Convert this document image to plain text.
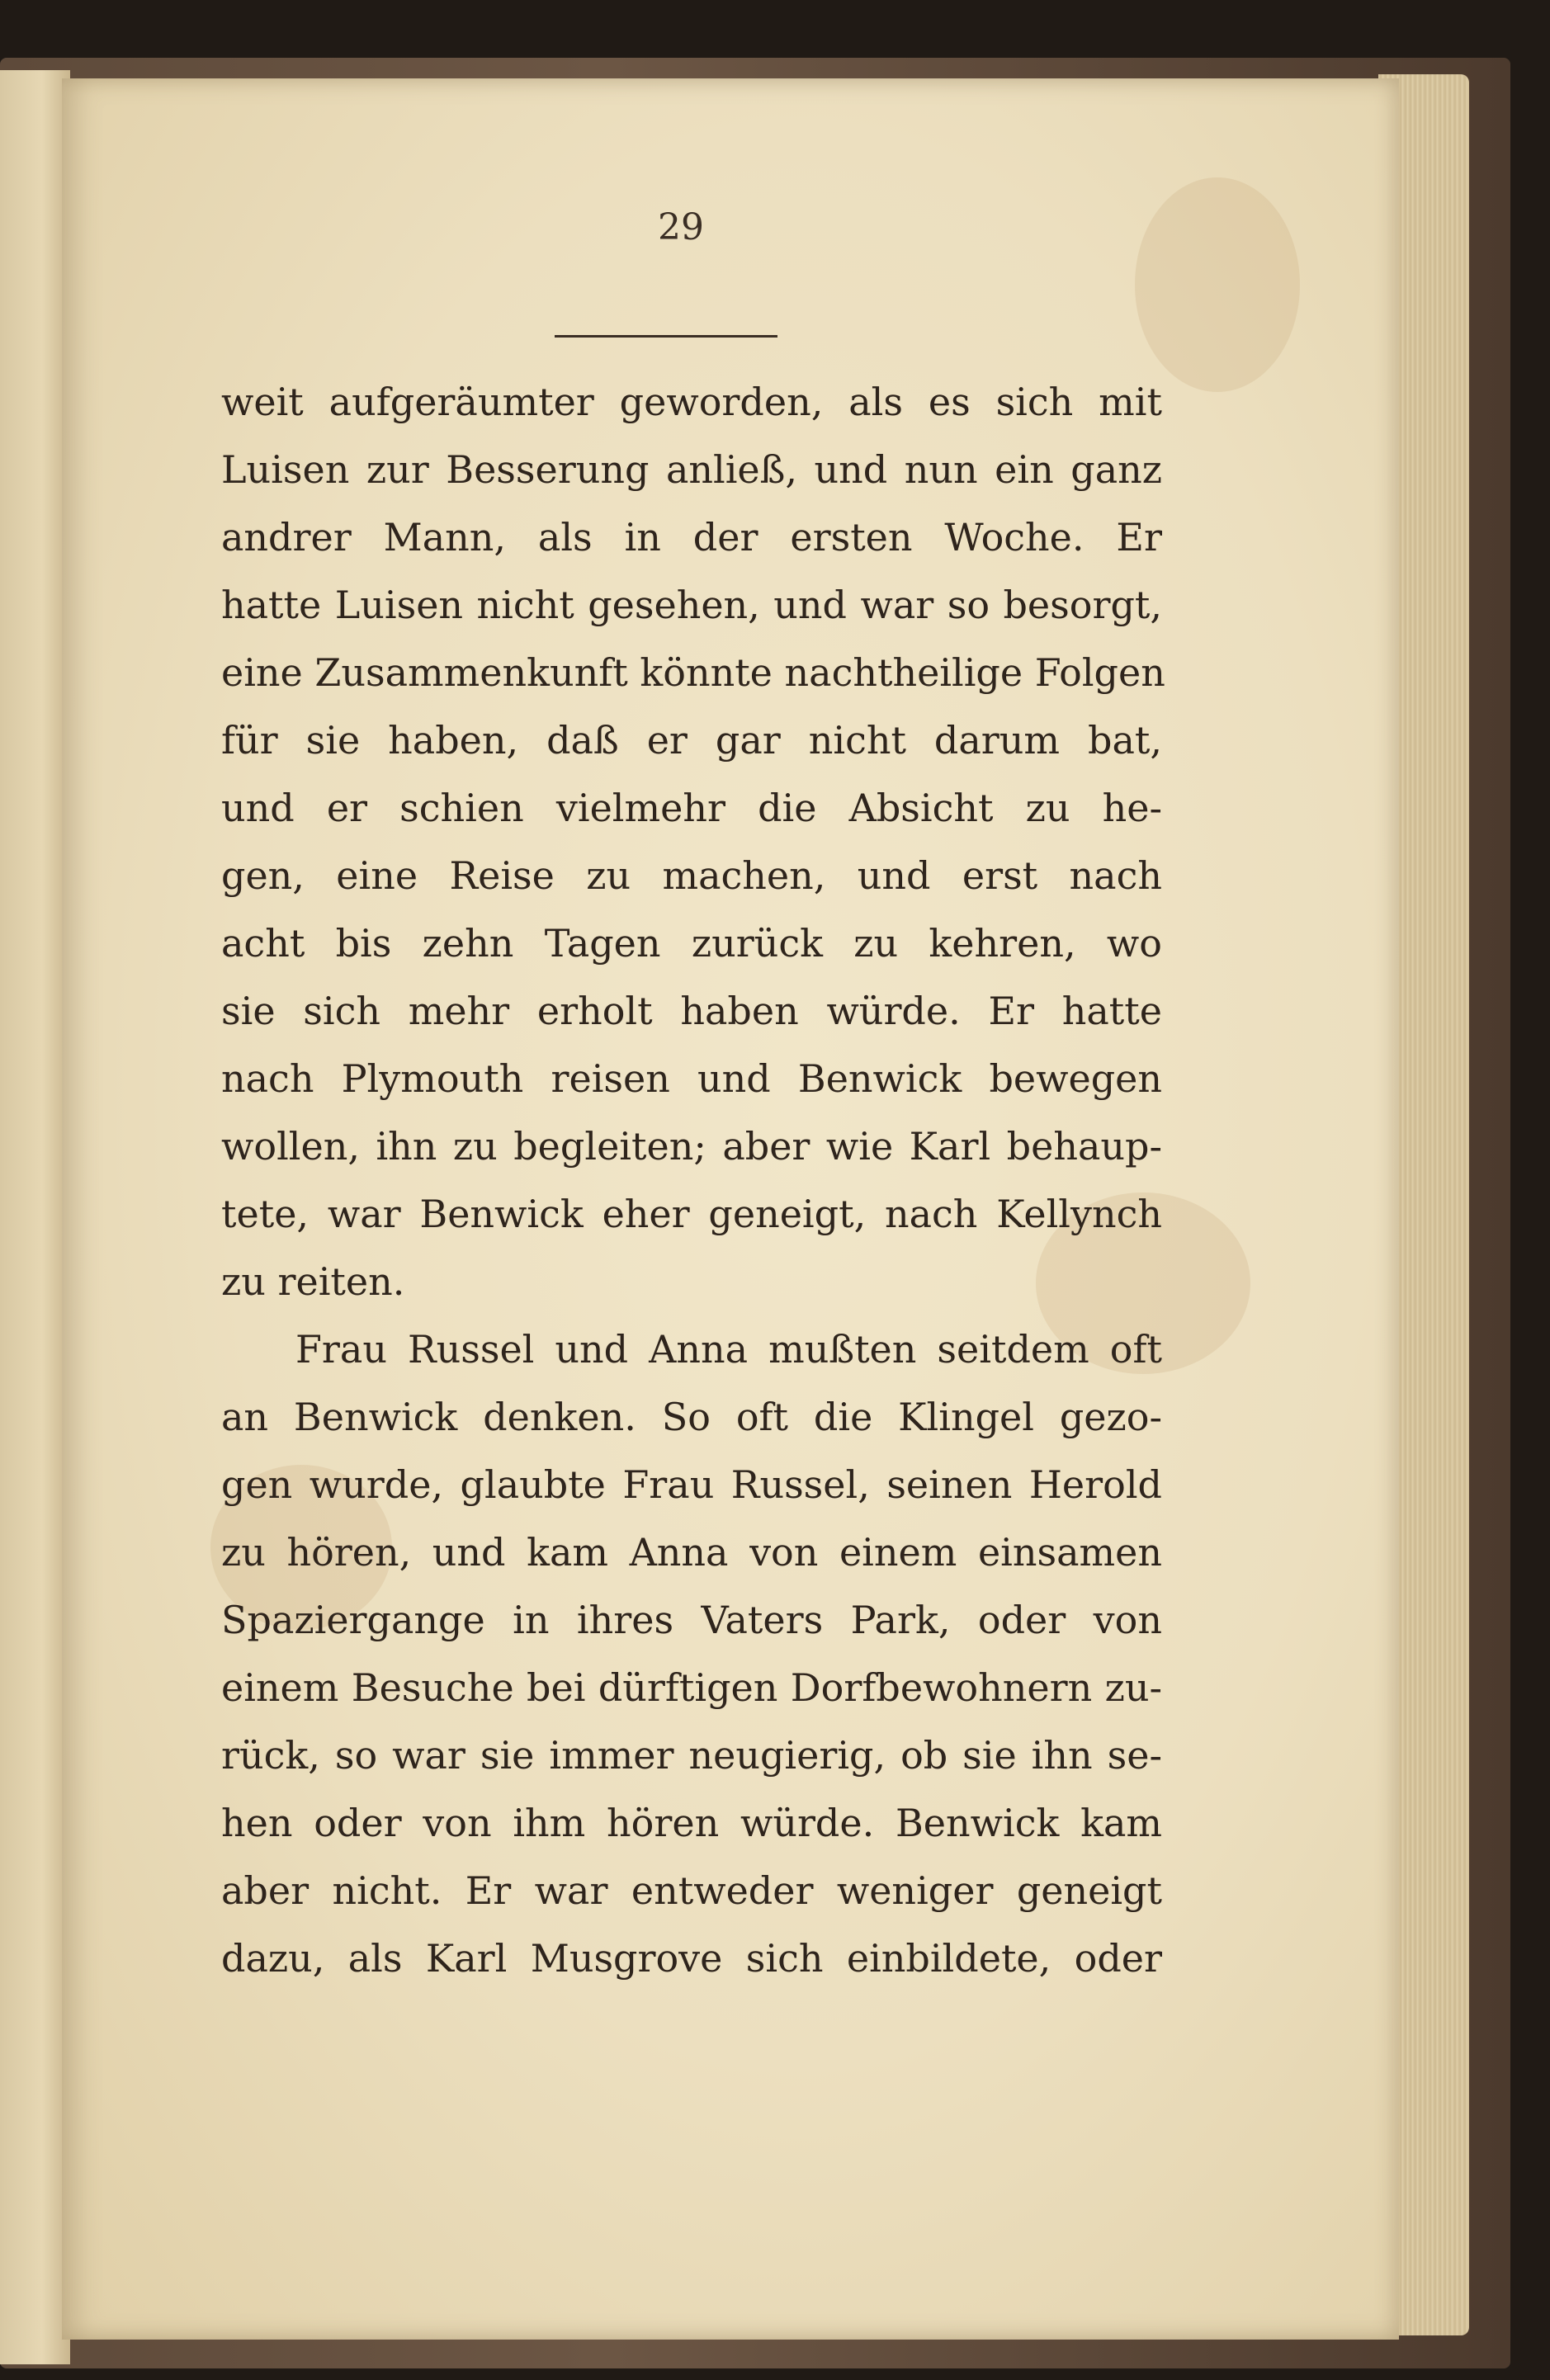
29
weit aufgeräumter geworden, als es sich mit
Luisen zur Besserung anließ, und nun ein ganz
andrer Mann, als in der ersten Woche. Er
hatte Luisen nicht gesehen, und war so besorgt,
eine Zusammenkunft könnte nachtheilige Folgen
für sie haben, daß er gar nicht darum bat,
und er schien vielmehr die Absicht zu he-
gen, eine Reise zu machen, und erst nach
acht bis zehn Tagen zurück zu kehren, wo
sie sich mehr erholt haben würde. Er hatte
nach Plymouth reisen und Benwick bewegen
wollen, ihn zu begleiten; aber wie Karl behaup-
tete, war Benwick eher geneigt, nach Kellynch
zu reiten.
Frau Russel und Anna mußten seitdem oft
an Benwick denken. So oft die Klingel gezo-
gen wurde, glaubte Frau Russel, seinen Herold
zu hören, und kam Anna von einem einsamen
Spaziergange in ihres Vaters Park, oder von
einem Besuche bei dürftigen Dorfbewohnern zu-
rück, so war sie immer neugierig, ob sie ihn se-
hen oder von ihm hören würde. Benwick kam
aber nicht. Er war entweder weniger geneigt
dazu, als Karl Musgrove sich einbildete, oder
